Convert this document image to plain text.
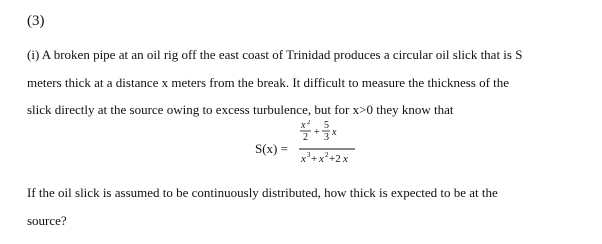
(3)
(i) A broken pipe at an oil rig off the east coast of Trinidad produces a circular oil slick that is S
meters thick at a distance x meters from the break. It difficult to measure the thickness of the
slick directly at the source owing to excess turbulence, but for x>0 they know that
S(x) =
x 2
2 +
5
3 x
x 3 + x 2 +2 x
If the oil slick is assumed to be continuously distributed, how thick is expected to be at the
source?
